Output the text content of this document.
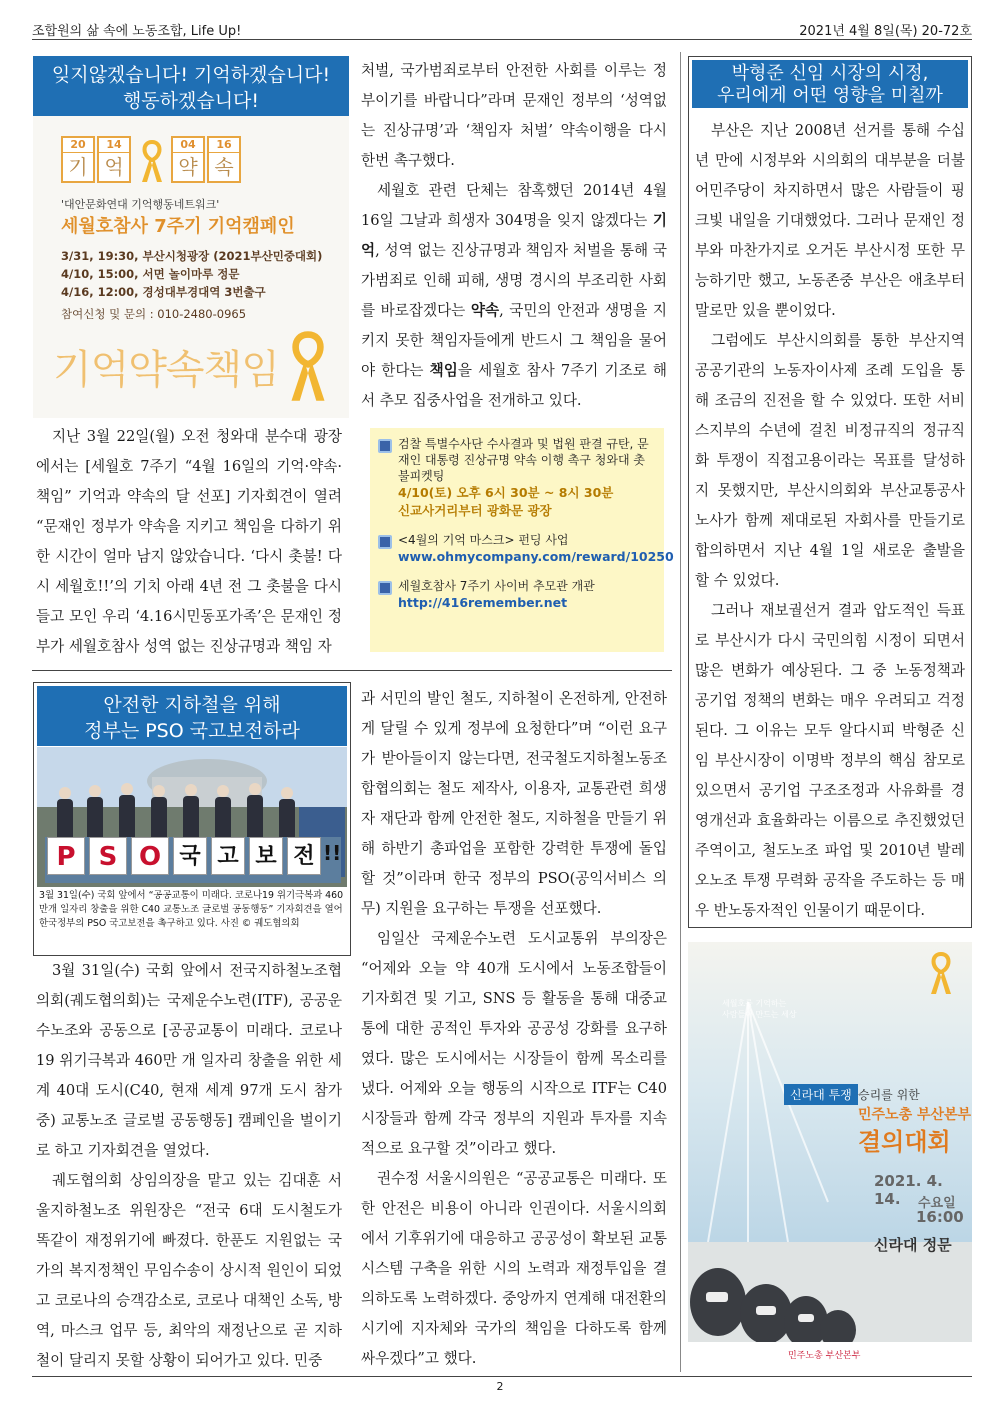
조합원의 삶 속에 노동조합, Life Up!	2021년 4월 8일(목) 20-72호
잊지않겠습니다! 기억하겠습니다!
행동하겠습니다!
20
기
14
억
04
약
16
속
'대안문화연대 기억행동네트워크'
세월호참사 7주기 기억캠페인
3/31, 19:30, 부산시청광장 (2021부산민중대회)
4/10, 15:00, 서면 놀이마루 정문
4/16, 12:00, 경성대부경대역 3번출구
참여신청 및 문의 : 010-2480-0965
기억약속책임

지난 3월 22일(월) 오전 청와대 분수대 광장에서는 [세월호 7주기 “4월 16일의 기억·약속·책임” 기억과 약속의 달 선포] 기자회견이 열려 “문재인 정부가 약속을 지키고 책임을 다하기 위한 시간이 얼마 남지 않았습니다. ‘다시 촛불! 다시 세월호!!’의 기치 아래 4년 전 그 촛불을 다시 들고 모인 우리 ‘4.16시민동포가족’은 문재인 정부가 세월호참사 성역 없는 진상규명과 책임 자

처벌, 국가범죄로부터 안전한 사회를 이루는 정부이기를 바랍니다”라며 문재인 정부의 ‘성역없는 진상규명’과 ‘책임자 처벌’ 약속이행을 다시 한번 촉구했다.

세월호 관련 단체는 참혹했던 2014년 4월 16일 그날과 희생자 304명을 잊지 않겠다는 기억, 성역 없는 진상규명과 책임자 처벌을 통해 국가범죄로 인해 피해, 생명 경시의 부조리한 사회를 바로잡겠다는 약속, 국민의 안전과 생명을 지키지 못한 책임자들에게 반드시 그 책임을 물어야 한다는 책임을 세월호 참사 7주기 기조로 해서 추모 집중사업을 전개하고 있다.

검찰 특별수사단 수사결과 및 법원 판결 규탄, 문재인 대통령 진상규명 약속 이행 촉구 청와대 촛불피켓팅
4/10(토) 오후 6시 30분 ~ 8시 30분
신교사거리부터 광화문 광장
<4월의 기억 마스크> 펀딩 사업
www.ohmycompany.com/reward/10250
세월호참사 7주기 사이버 추모관 개관
http://416remember.net
안전한 지하철을 위해
정부는 PSO 국고보전하라
P S O 국 고 보 전 !!
3월 31일(수) 국회 앞에서 “공공교통이 미래다. 코로나19 위기극복과 460만개 일자리 창출을 위한 C40 교통노조 글로벌 공동행동” 기자회견을 열어 한국정부의 PSO 국고보전을 촉구하고 있다. 사진 © 궤도협의회

3월 31일(수) 국회 앞에서 전국지하철노조협의회(궤도협의회)는 국제운수노련(ITF), 공공운수노조와 공동으로 [공공교통이 미래다. 코로나19 위기극복과 460만 개 일자리 창출을 위한 세계 40대 도시(C40, 현재 세계 97개 도시 참가중) 교통노조 글로벌 공동행동] 캠페인을 벌이기로 하고 기자회견을 열었다.

궤도협의회 상임의장을 맡고 있는 김대훈 서울지하철노조 위원장은 “전국 6대 도시철도가 똑같이 재정위기에 빠졌다. 한푼도 지원없는 국가의 복지정책인 무임수송이 상시적 원인이 되었고 코로나의 승객감소로, 코로나 대책인 소독, 방역, 마스크 업무 등, 최악의 재정난으로 곧 지하철이 달리지 못할 상황이 되어가고 있다. 민중

과 서민의 발인 철도, 지하철이 온전하게, 안전하게 달릴 수 있게 정부에 요청한다”며 “이런 요구가 받아들이지 않는다면, 전국철도지하철노동조합협의회는 철도 제작사, 이용자, 교통관련 희생자 재단과 함께 안전한 철도, 지하철을 만들기 위해 하반기 총파업을 포함한 강력한 투쟁에 돌입할 것”이라며 한국 정부의 PSO(공익서비스 의무) 지원을 요구하는 투쟁을 선포했다.

임일산 국제운수노련 도시교통위 부의장은 “어제와 오늘 약 40개 도시에서 노동조합들이 기자회견 및 기고, SNS 등 활동을 통해 대중교통에 대한 공적인 투자와 공공성 강화를 요구하였다. 많은 도시에서는 시장들이 함께 목소리를 냈다. 어제와 오늘 행동의 시작으로 ITF는 C40 시장들과 함께 각국 정부의 지원과 투자를 지속적으로 요구할 것”이라고 했다.

권수정 서울시의원은 “공공교통은 미래다. 또한 안전은 비용이 아니라 인권이다. 서울시의회에서 기후위기에 대응하고 공공성이 확보된 교통시스템 구축을 위한 시의 노력과 재정투입을 결의하도록 노력하겠다. 중앙까지 연계해 대전환의 시기에 지자체와 국가의 책임을 다하도록 함께 싸우겠다”고 했다.

박형준 신임 시장의 시정,
우리에게 어떤 영향을 미칠까

부산은 지난 2008년 선거를 통해 수십년 만에 시정부와 시의회의 대부분을 더불어민주당이 차지하면서 많은 사람들이 핑크빛 내일을 기대했었다. 그러나 문재인 정부와 마찬가지로 오거돈 부산시정 또한 무능하기만 했고, 노동존중 부산은 애초부터 말로만 있을 뿐이었다.

그럼에도 부산시의회를 통한 부산지역 공공기관의 노동자이사제 조례 도입을 통해 조금의 진전을 할 수 있었다. 또한 서비스지부의 수년에 걸친 비정규직의 정규직화 투쟁이 직접고용이라는 목표를 달성하지 못했지만, 부산시의회와 부산교통공사 노사가 함께 제대로된 자회사를 만들기로 합의하면서 지난 4월 1일 새로운 출발을 할 수 있었다.

그러나 재보궐선거 결과 압도적인 득표로 부산시가 다시 국민의힘 시정이 되면서 많은 변화가 예상된다. 그 중 노동정책과 공기업 정책의 변화는 매우 우려되고 걱정된다. 그 이유는 모두 알다시피 박형준 신임 부산시장이 이명박 정부의 핵심 참모로 있으면서 공기업 구조조정과 사유화를 경영개선과 효율화라는 이름으로 추진했었던 주역이고, 철도노조 파업 및 2010년 발레오노조 투쟁 무력화 공작을 주도하는 등 매우 반노동자적인 인물이기 때문이다.

세월호를 기억하는
사람들이 만드는 세상
신라대 투쟁 승리를 위한
민주노총 부산본부
결의대회
2021. 4. 14.	수요일
16:00
신라대 정문
민주노총 부산본부
2
